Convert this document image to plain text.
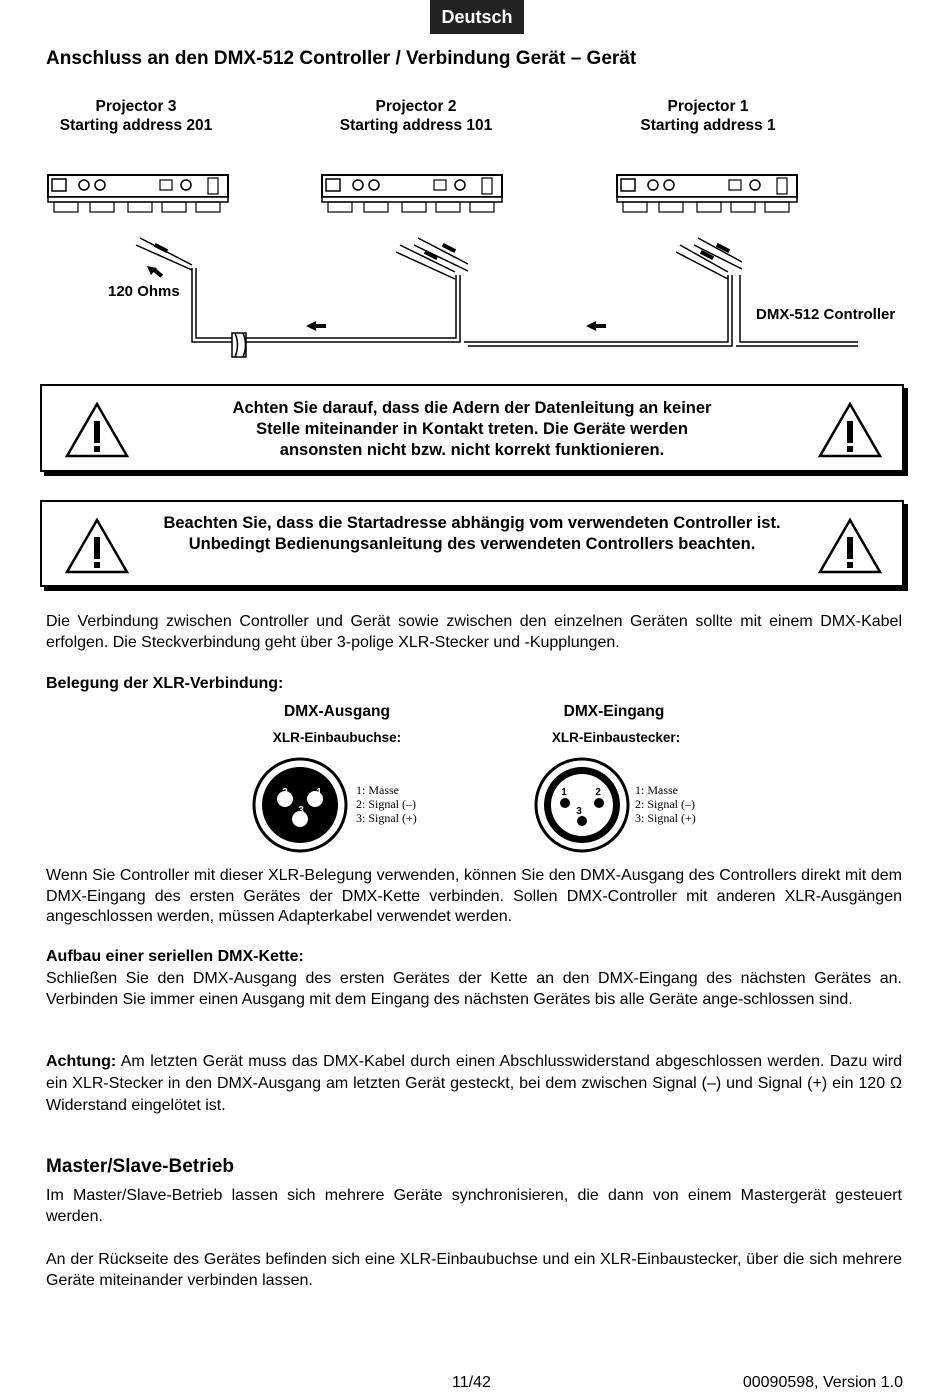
Deutsch
Anschluss an den DMX-512 Controller / Verbindung Gerät – Gerät
Projector 3
Starting address 201
Projector 2
Starting address 101
Projector 1
Starting address 1
120 Ohms
DMX-512 Controller
Achten Sie darauf, dass die Adern der Datenleitung an keiner
Stelle miteinander in Kontakt treten. Die Geräte werden
ansonsten nicht bzw. nicht korrekt funktionieren.
Beachten Sie, dass die Startadresse abhängig vom verwendeten Controller ist.
Unbedingt Bedienungsanleitung des verwendeten Controllers beachten.
Die Verbindung zwischen Controller und Gerät sowie zwischen den einzelnen Geräten sollte mit einem DMX-Kabel erfolgen. Die Steckverbindung geht über 3-polige XLR-Stecker und -Kupplungen.
Belegung der XLR-Verbindung:
DMX-Ausgang
XLR-Einbaubuchse:
2	1
3
1: Masse
2: Signal (–)
3: Signal (+)
DMX-Eingang
XLR-Einbaustecker:
1	2
3
1: Masse
2: Signal (–)
3: Signal (+)
Wenn Sie Controller mit dieser XLR-Belegung verwenden, können Sie den DMX-Ausgang des Controllers direkt mit dem DMX-Eingang des ersten Gerätes der DMX-Kette verbinden. Sollen DMX-Controller mit anderen XLR-Ausgängen angeschlossen werden, müssen Adapterkabel verwendet werden.
Aufbau einer seriellen DMX-Kette:
Schließen Sie den DMX-Ausgang des ersten Gerätes der Kette an den DMX-Eingang des nächsten Gerätes an. Verbinden Sie immer einen Ausgang mit dem Eingang des nächsten Gerätes bis alle Geräte ange-schlossen sind.
Achtung: Am letzten Gerät muss das DMX-Kabel durch einen Abschlusswiderstand abgeschlossen werden. Dazu wird ein XLR-Stecker in den DMX-Ausgang am letzten Gerät gesteckt, bei dem zwischen Signal (–) und Signal (+) ein 120 Ω Widerstand eingelötet ist.
Master/Slave-Betrieb
Im Master/Slave-Betrieb lassen sich mehrere Geräte synchronisieren, die dann von einem Mastergerät gesteuert werden.
An der Rückseite des Gerätes befinden sich eine XLR-Einbaubuchse und ein XLR-Einbaustecker, über die sich mehrere Geräte miteinander verbinden lassen.
11/42	00090598, Version 1.0
